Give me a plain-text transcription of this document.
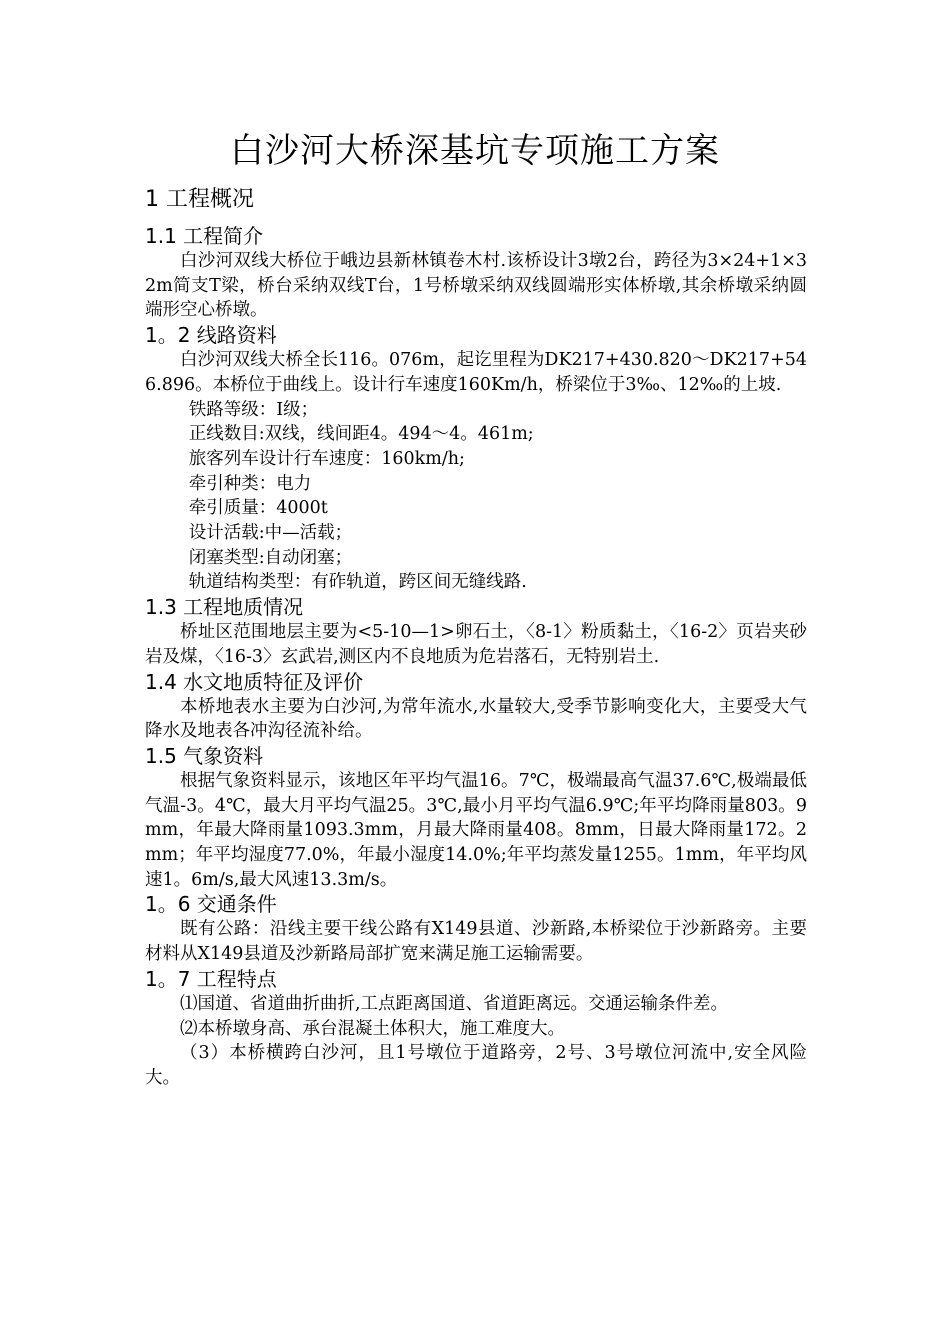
白沙河大桥深基坑专项施工方案
1 工程概况
1.1 工程简介
白沙河双线大桥位于峨边县新林镇卷木村.该桥设计3墩2台，跨径为3×24+1×32m简支T梁，桥台采纳双线T台，1号桥墩采纳双线圆端形实体桥墩,其余桥墩采纳圆端形空心桥墩。
1。2 线路资料
白沙河双线大桥全长116。076m，起讫里程为DK217+430.820～DK217+546.896。本桥位于曲线上。设计行车速度160Km/h，桥梁位于3‰、12‰的上坡.
铁路等级：Ⅰ级；
正线数目:双线，线间距4。494～4。461m;
旅客列车设计行车速度：160km/h;
牵引种类：电力
牵引质量：4000t
设计活载:中—活载；
闭塞类型:自动闭塞；
轨道结构类型：有砟轨道，跨区间无缝线路.
1.3 工程地质情况
桥址区范围地层主要为<5-10—1>卵石土，〈8-1〉粉质黏土，〈16-2〉页岩夹砂岩及煤，〈16-3〉玄武岩,测区内不良地质为危岩落石，无特别岩土.
1.4 水文地质特征及评价
本桥地表水主要为白沙河,为常年流水,水量较大,受季节影响变化大，主要受大气降水及地表各冲沟径流补给。
1.5 气象资料
根据气象资料显示，该地区年平均气温16。7℃，极端最高气温37.6℃,极端最低气温-3。4℃，最大月平均气温25。3℃,最小月平均气温6.9℃;年平均降雨量803。9mm，年最大降雨量1093.3mm，月最大降雨量408。8mm，日最大降雨量172。2mm；年平均湿度77.0%，年最小湿度14.0%;年平均蒸发量1255。1mm，年平均风速1。6m/s,最大风速13.3m/s。
1。6 交通条件
既有公路：沿线主要干线公路有X149县道、沙新路,本桥梁位于沙新路旁。主要材料从X149县道及沙新路局部扩宽来满足施工运输需要。
1。7 工程特点
⑴国道、省道曲折曲折,工点距离国道、省道距离远。交通运输条件差。
⑵本桥墩身高、承台混凝土体积大，施工难度大。
（3）本桥横跨白沙河，且1号墩位于道路旁，2号、3号墩位河流中,安全风险大。
